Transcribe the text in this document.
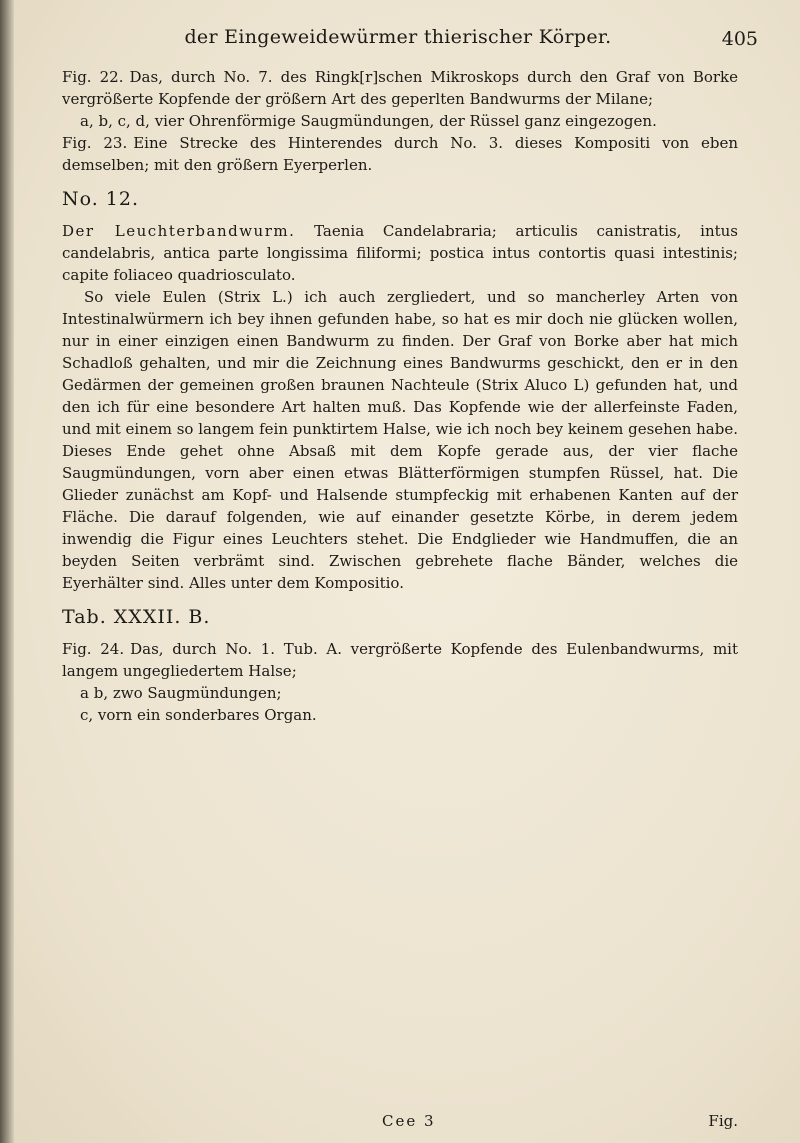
der Eingeweidewürmer thierischer Körper.	405

Fig. 22. Das, durch No. 7. des Ringk[r]schen Mikroskops durch den Graf von Borke vergrößerte Kopfende der größern Art des geperlten Bandwurms der Milane;

a, b, c, d, vier Ohrenförmige Saugmündungen, der Rüssel ganz eingezogen.

Fig. 23. Eine Strecke des Hinterendes durch No. 3. dieses Kompositi von eben demselben; mit den größern Eyerperlen.

No. 12.

Der Leuchterbandwurm. Taenia Candelabraria; articulis canistratis, intus candelabris, antica parte longissima filiformi; postica intus contortis quasi intestinis; capite foliaceo quadriosculato.

So viele Eulen (Strix L.) ich auch zergliedert, und so mancherley Arten von Intestinalwürmern ich bey ihnen gefunden habe, so hat es mir doch nie glücken wollen, nur in einer einzigen einen Bandwurm zu finden. Der Graf von Borke aber hat mich Schadloß gehalten, und mir die Zeichnung eines Bandwurms geschickt, den er in den Gedärmen der gemeinen großen braunen Nachteule (Strix Aluco L) gefunden hat, und den ich für eine besondere Art halten muß. Das Kopfende wie der allerfeinste Faden, und mit einem so langem fein punktirtem Halse, wie ich noch bey keinem gesehen habe. Dieses Ende gehet ohne Absaß mit dem Kopfe gerade aus, der vier flache Saugmündungen, vorn aber einen etwas Blätterförmigen stumpfen Rüssel, hat. Die Glieder zunächst am Kopf- und Halsende stumpfeckig mit erhabenen Kanten auf der Fläche. Die darauf folgenden, wie auf einander gesetzte Körbe, in derem jedem inwendig die Figur eines Leuchters stehet. Die Endglieder wie Handmuffen, die an beyden Seiten verbrämt sind. Zwischen gebrehete flache Bänder, welches die Eyerhälter sind. Alles unter dem Kompositio.

Tab. XXXII. B.

Fig. 24. Das, durch No. 1. Tub. A. vergrößerte Kopfende des Eulenbandwurms, mit langem ungegliedertem Halse;

a b, zwo Saugmündungen;
c, vorn ein sonderbares Organ.

Cee 3	Fig.
